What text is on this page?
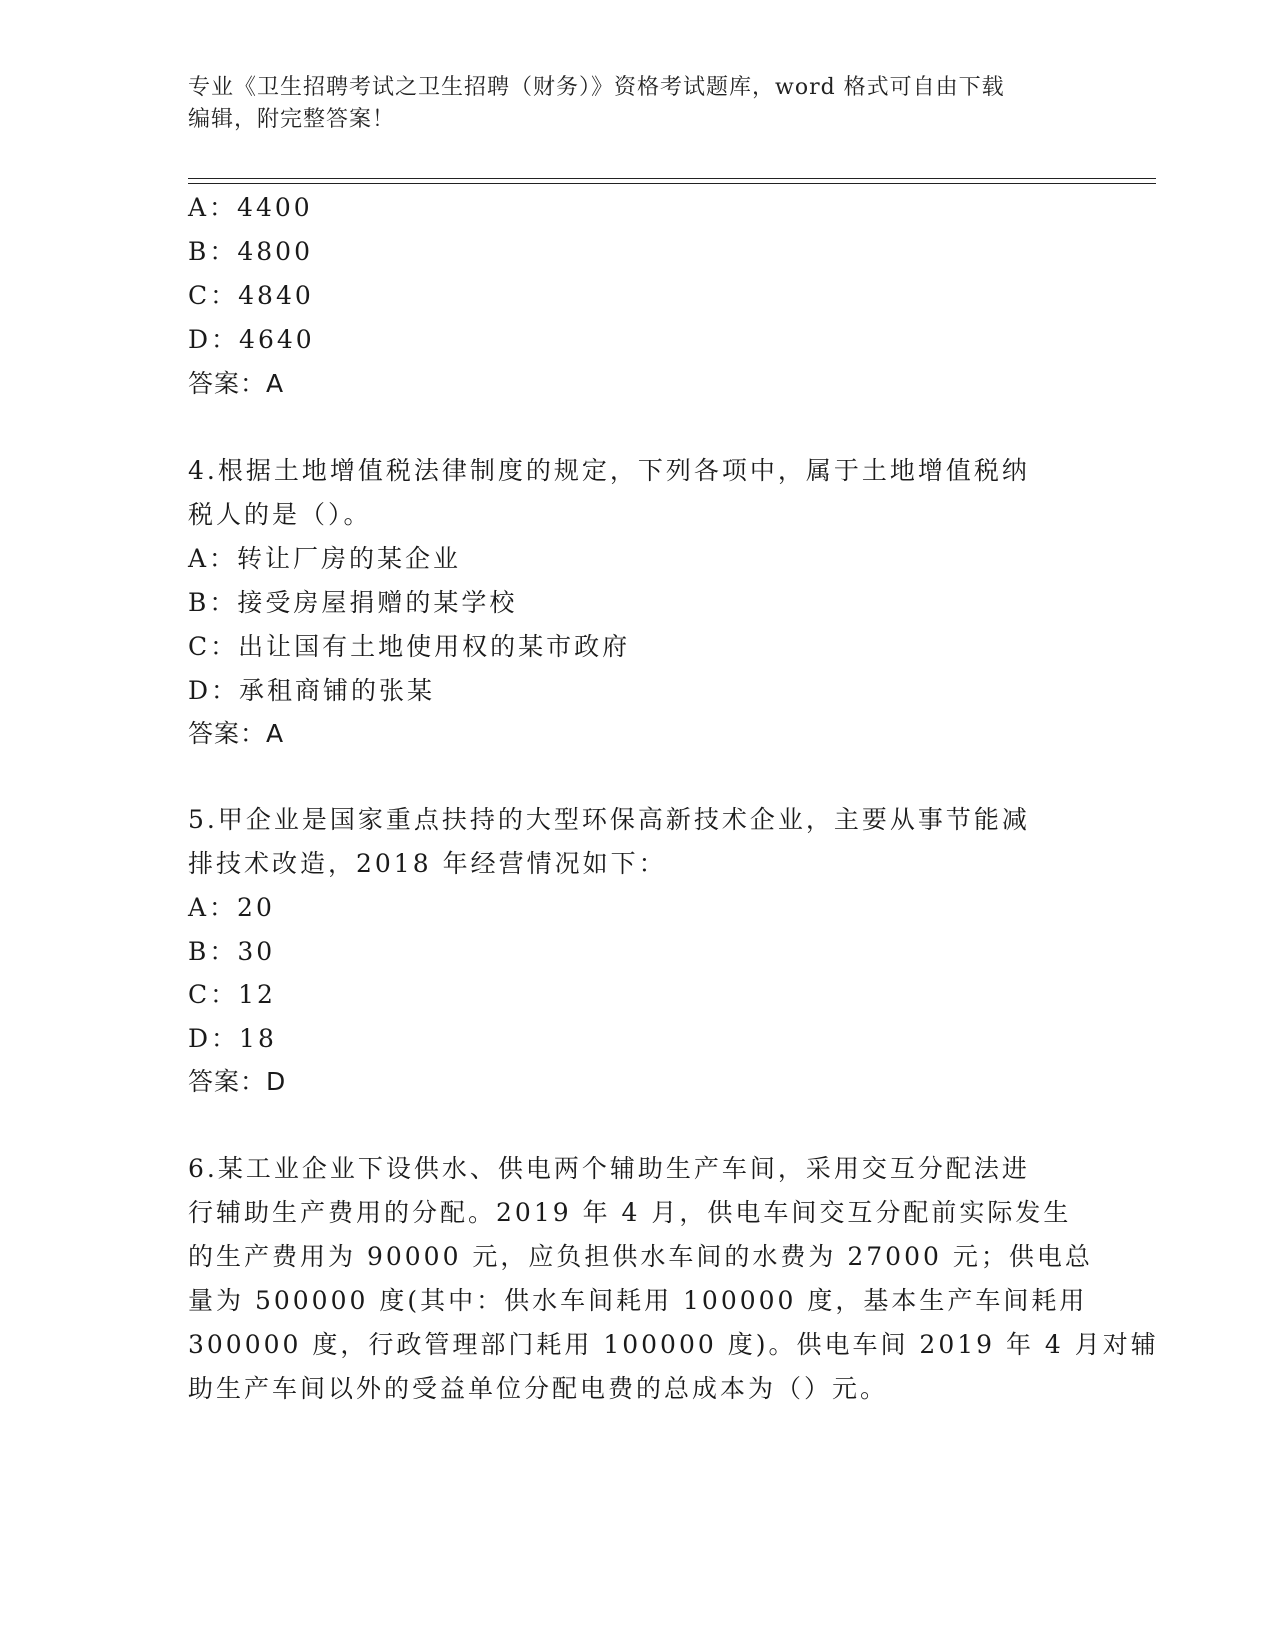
专业《卫生招聘考试之卫生招聘（财务）》资格考试题库，word 格式可自由下载
编辑，附完整答案！
A：4400
B：4800
C：4840
D：4640
答案：A
4.根据土地增值税法律制度的规定，下列各项中，属于土地增值税纳
税人的是（）。
A：转让厂房的某企业
B：接受房屋捐赠的某学校
C：出让国有土地使用权的某市政府
D：承租商铺的张某
答案：A
5.甲企业是国家重点扶持的大型环保高新技术企业，主要从事节能减
排技术改造，2018 年经营情况如下：
A：20
B：30
C：12
D：18
答案：D
6.某工业企业下设供水、供电两个辅助生产车间，采用交互分配法进
行辅助生产费用的分配。2019 年 4 月，供电车间交互分配前实际发生
的生产费用为 90000 元，应负担供水车间的水费为 27000 元；供电总
量为 500000 度(其中：供水车间耗用 100000 度，基本生产车间耗用
300000 度，行政管理部门耗用 100000 度)。供电车间 2019 年 4 月对辅
助生产车间以外的受益单位分配电费的总成本为（）元。
